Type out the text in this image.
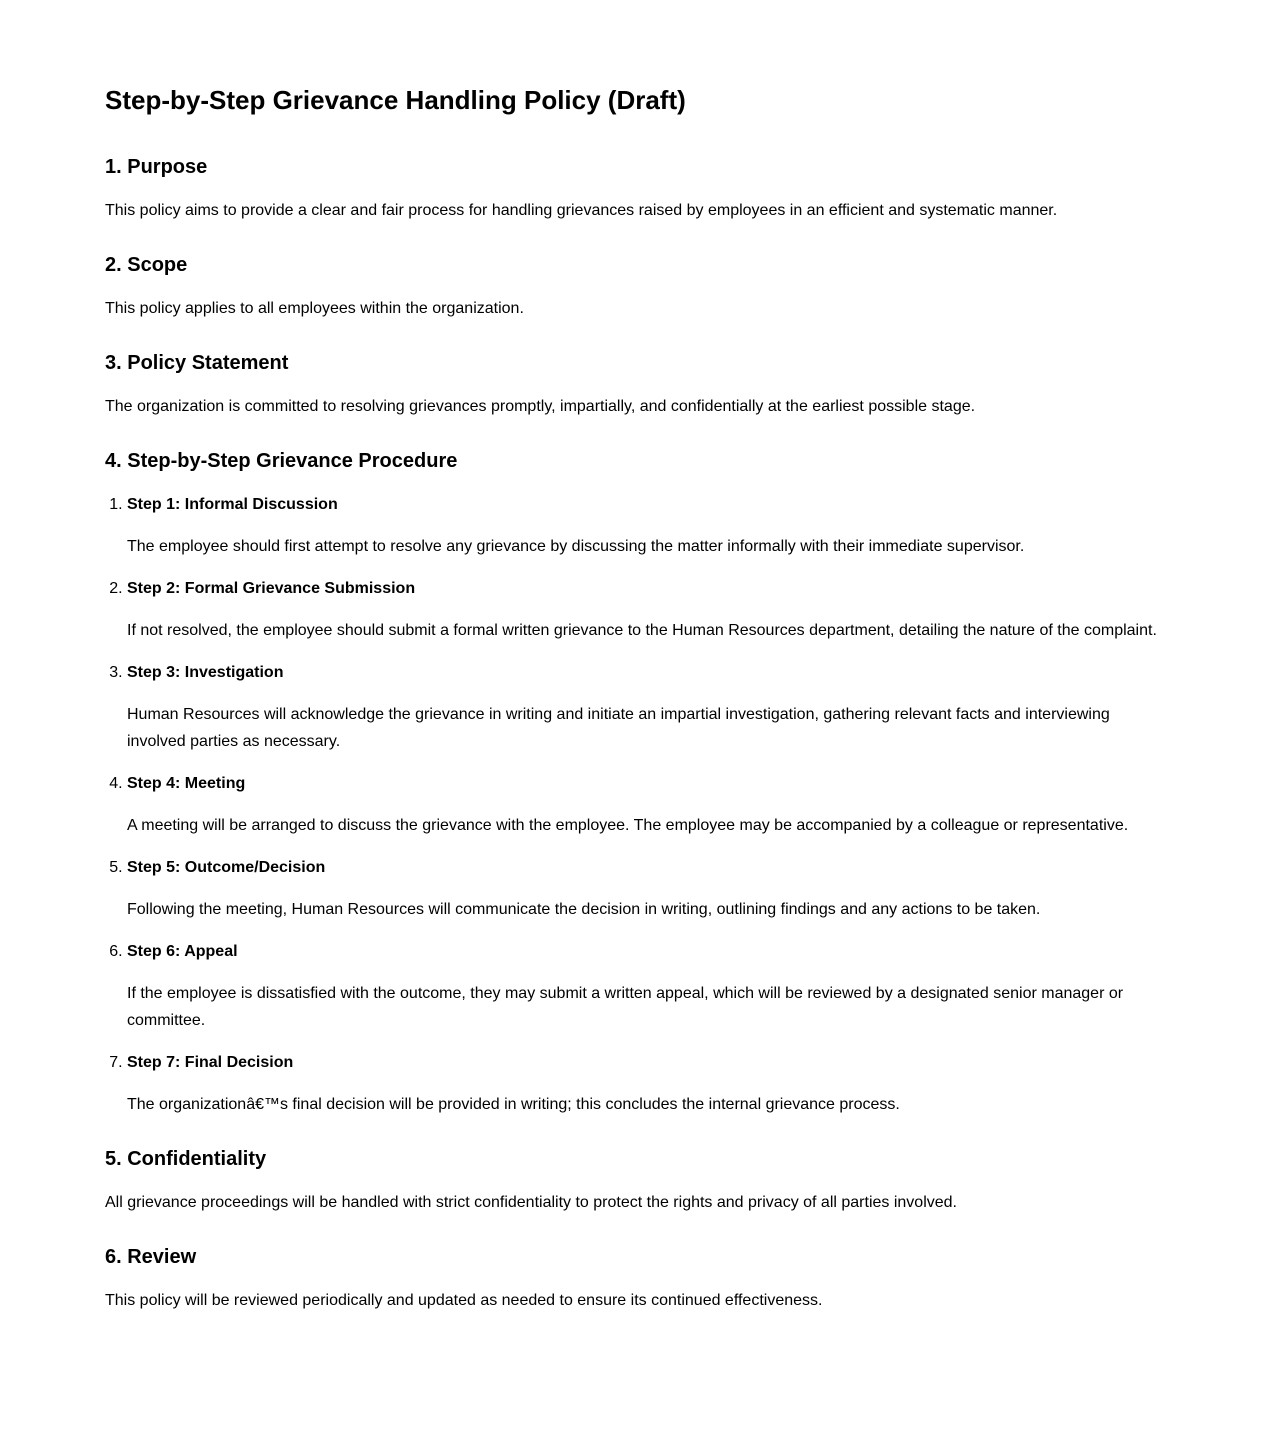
Step-by-Step Grievance Handling Policy (Draft)
1. Purpose

This policy aims to provide a clear and fair process for handling grievances raised by employees in an efficient and systematic manner.

2. Scope

This policy applies to all employees within the organization.

3. Policy Statement

The organization is committed to resolving grievances promptly, impartially, and confidentially at the earliest possible stage.

4. Step-by-Step Grievance Procedure
1. Step 1: Informal Discussion

The employee should first attempt to resolve any grievance by discussing the matter informally with their immediate supervisor.

2. Step 2: Formal Grievance Submission

If not resolved, the employee should submit a formal written grievance to the Human Resources department, detailing the nature of the complaint.

3. Step 3: Investigation

Human Resources will acknowledge the grievance in writing and initiate an impartial investigation, gathering relevant facts and interviewing involved parties as necessary.

4. Step 4: Meeting

A meeting will be arranged to discuss the grievance with the employee. The employee may be accompanied by a colleague or representative.

5. Step 5: Outcome/Decision

Following the meeting, Human Resources will communicate the decision in writing, outlining findings and any actions to be taken.

6. Step 6: Appeal

If the employee is dissatisfied with the outcome, they may submit a written appeal, which will be reviewed by a designated senior manager or committee.

7. Step 7: Final Decision

The organizationâ€™s final decision will be provided in writing; this concludes the internal grievance process.

5. Confidentiality

All grievance proceedings will be handled with strict confidentiality to protect the rights and privacy of all parties involved.

6. Review

This policy will be reviewed periodically and updated as needed to ensure its continued effectiveness.
